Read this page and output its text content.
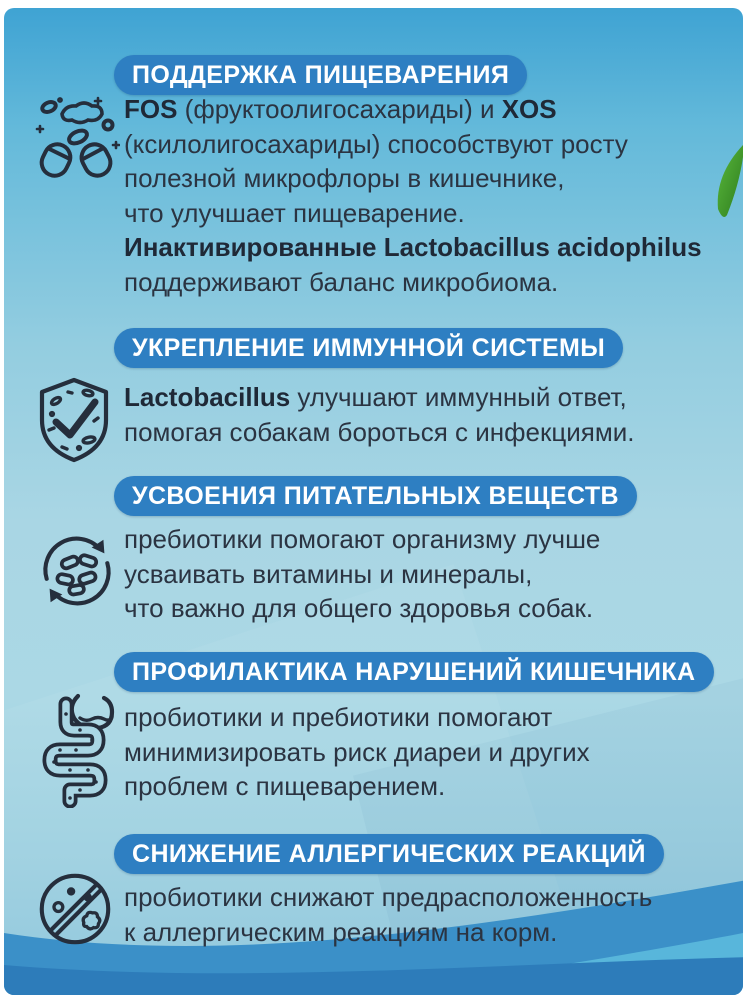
ПОДДЕРЖКА ПИЩЕВАРЕНИЯ
FOS (фруктоолигосахариды) и XOS
(ксилолигосахариды) способствуют росту
полезной микрофлоры в кишечнике,
что улучшает пищеварение.
Инактивированные Lactobacillus acidophilus
поддерживают баланс микробиома.
УКРЕПЛЕНИЕ ИММУННОЙ СИСТЕМЫ
Lactobacillus улучшают иммунный ответ,
помогая собакам бороться с инфекциями.
УСВОЕНИЯ ПИТАТЕЛЬНЫХ ВЕЩЕСТВ
пребиотики помогают организму лучше
усваивать витамины и минералы,
что важно для общего здоровья собак.
ПРОФИЛАКТИКА НАРУШЕНИЙ КИШЕЧНИКА
пробиотики и пребиотики помогают
минимизировать риск диареи и других
проблем с пищеварением.
СНИЖЕНИЕ АЛЛЕРГИЧЕСКИХ РЕАКЦИЙ
пробиотики снижают предрасположенность
к аллергическим реакциям на корм.
